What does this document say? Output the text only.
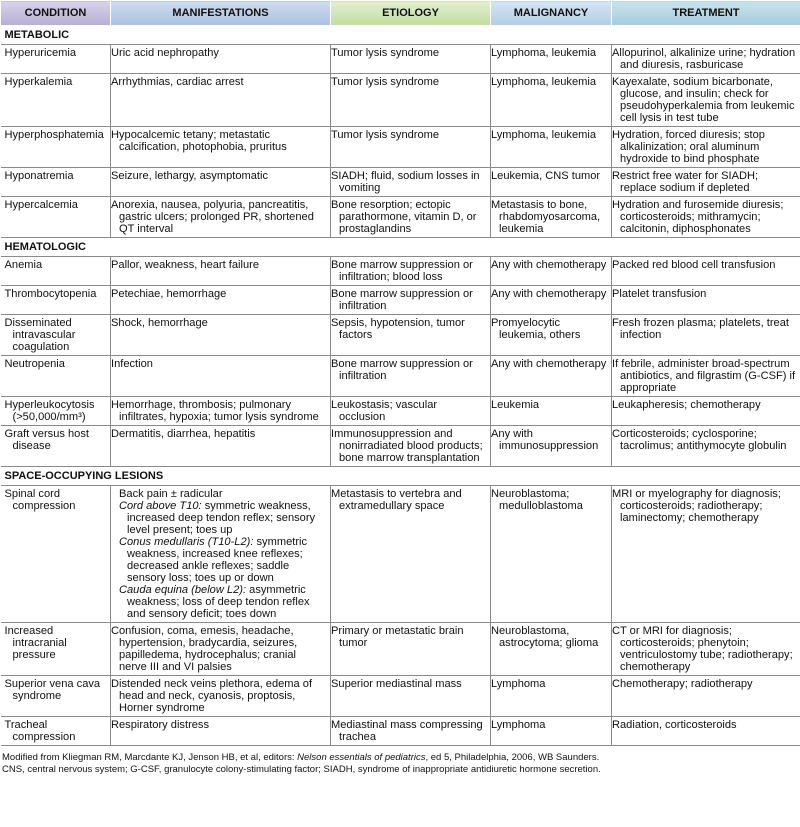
CONDITION	MANIFESTATIONS	ETIOLOGY	MALIGNANCY	TREATMENT
METABOLIC				
Hyperuricemia	Uric acid nephropathy	Tumor lysis syndrome	Lymphoma, leukemia	Allopurinol, alkalinize urine; hydration and diuresis, rasburicase
Hyperkalemia	Arrhythmias, cardiac arrest	Tumor lysis syndrome	Lymphoma, leukemia	Kayexalate, sodium bicarbonate, glucose, and insulin; check for pseudohyperkalemia from leukemic cell lysis in test tube
Hyperphosphatemia	Hypocalcemic tetany; metastatic calcification, photophobia, pruritus	Tumor lysis syndrome	Lymphoma, leukemia	Hydration, forced diuresis; stop alkalinization; oral aluminum hydroxide to bind phosphate
Hyponatremia	Seizure, lethargy, asymptomatic	SIADH; fluid, sodium losses in vomiting	Leukemia, CNS tumor	Restrict free water for SIADH; replace sodium if depleted
Hypercalcemia	Anorexia, nausea, polyuria, pancreatitis, gastric ulcers; prolonged PR, shortened QT interval	Bone resorption; ectopic parathormone, vitamin D, or prostaglandins	Metastasis to bone, rhabdomyosarcoma, leukemia	Hydration and furosemide diuresis; corticosteroids; mithramycin; calcitonin, diphosphonates
HEMATOLOGIC				
Anemia	Pallor, weakness, heart failure	Bone marrow suppression or infiltration; blood loss	Any with chemotherapy	Packed red blood cell transfusion
Thrombocytopenia	Petechiae, hemorrhage	Bone marrow suppression or infiltration	Any with chemotherapy	Platelet transfusion
Disseminated intravascular coagulation	Shock, hemorrhage	Sepsis, hypotension, tumor factors	Promyelocytic leukemia, others	Fresh frozen plasma; platelets, treat infection
Neutropenia	Infection	Bone marrow suppression or infiltration	Any with chemotherapy	If febrile, administer broad-spectrum antibiotics, and filgrastim (G-CSF) if appropriate
Hyperleukocytosis (>50,000/mm³)	Hemorrhage, thrombosis; pulmonary infiltrates, hypoxia; tumor lysis syndrome	Leukostasis; vascular occlusion	Leukemia	Leukapheresis; chemotherapy
Graft versus host disease	Dermatitis, diarrhea, hepatitis	Immunosuppression and nonirradiated blood products; bone marrow transplantation	Any with immunosuppression	Corticosteroids; cyclosporine; tacrolimus; antithymocyte globulin
SPACE-OCCUPYING LESIONS				
Spinal cord compression	Back pain ± radicular
Cord above T10: symmetric weakness, increased deep tendon reflex; sensory level present; toes up
Conus medullaris (T10-L2): symmetric weakness, increased knee reflexes; decreased ankle reflexes; saddle sensory loss; toes up or down
Cauda equina (below L2): asymmetric weakness; loss of deep tendon reflex and sensory deficit; toes down	Metastasis to vertebra and extramedullary space	Neuroblastoma; medulloblastoma	MRI or myelography for diagnosis; corticosteroids; radiotherapy; laminectomy; chemotherapy
Increased intracranial pressure	Confusion, coma, emesis, headache, hypertension, bradycardia, seizures, papilledema, hydrocephalus; cranial nerve III and VI palsies	Primary or metastatic brain tumor	Neuroblastoma, astrocytoma; glioma	CT or MRI for diagnosis; corticosteroids; phenytoin; ventriculostomy tube; radiotherapy; chemotherapy
Superior vena cava syndrome	Distended neck veins plethora, edema of head and neck, cyanosis, proptosis, Horner syndrome	Superior mediastinal mass	Lymphoma	Chemotherapy; radiotherapy
Tracheal compression	Respiratory distress	Mediastinal mass compressing trachea	Lymphoma	Radiation, corticosteroids

Modified from Kliegman RM, Marcdante KJ, Jenson HB, et al, editors: Nelson essentials of pediatrics, ed 5, Philadelphia, 2006, WB Saunders.

CNS, central nervous system; G-CSF, granulocyte colony-stimulating factor; SIADH, syndrome of inappropriate antidiuretic hormone secretion.
